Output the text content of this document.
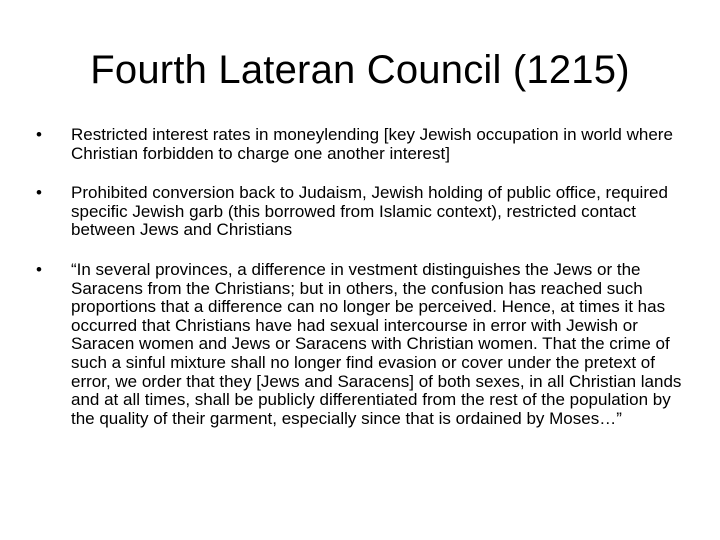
Fourth Lateran Council (1215)
•	Restricted interest rates in moneylending [key Jewish occupation in world where Christian forbidden to charge one another interest]
•	Prohibited conversion back to Judaism, Jewish holding of public office, required specific Jewish garb (this borrowed from Islamic context), restricted contact between Jews and Christians
•	“In several provinces, a difference in vestment distinguishes the Jews or the Saracens from the Christians; but in others, the confusion has reached such proportions that a difference can no longer be perceived. Hence, at times it has occurred that Christians have had sexual intercourse in error with Jewish or Saracen women and Jews or Saracens with Christian women. That the crime of such a sinful mixture shall no longer find evasion or cover under the pretext of error, we order that they [Jews and Saracens] of both sexes, in all Christian lands and at all times, shall be publicly differentiated from the rest of the population by the quality of their garment, especially since that is ordained by Moses…”
